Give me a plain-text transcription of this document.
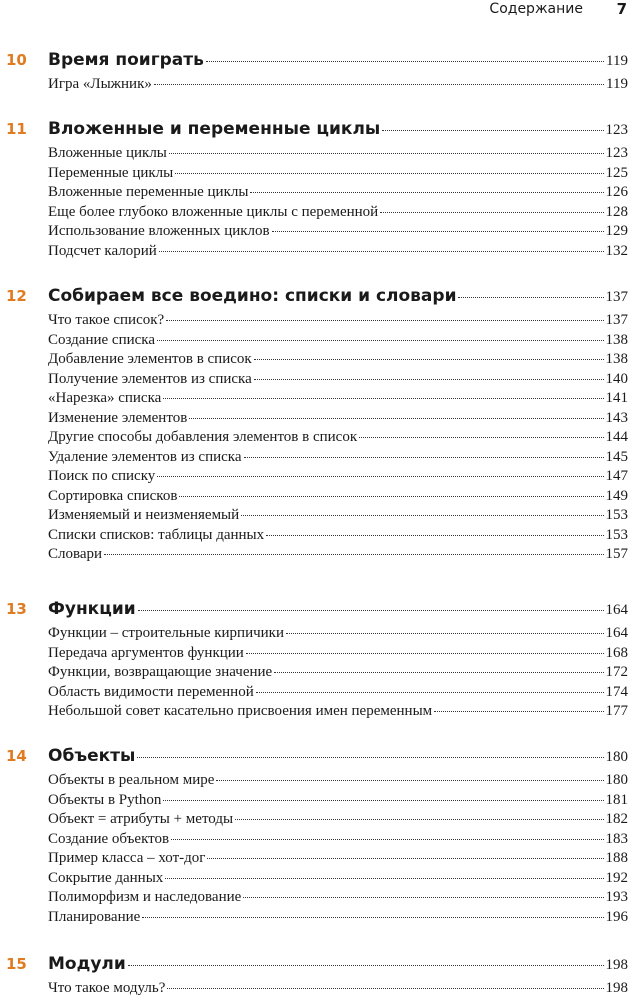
Содержание 7
10 Время поиграть	119
Игра «Лыжник»	119
11 Вложенные и переменные циклы	123
Вложенные циклы	123
Переменные циклы	125
Вложенные переменные циклы	126
Еще более глубоко вложенные циклы с переменной	128
Использование вложенных циклов	129
Подсчет калорий	132
12 Собираем все воедино: списки и словари	137
Что такое список?	137
Создание списка	138
Добавление элементов в список	138
Получение элементов из списка	140
«Нарезка» списка	141
Изменение элементов	143
Другие способы добавления элементов в список	144
Удаление элементов из списка	145
Поиск по списку	147
Сортировка списков	149
Изменяемый и неизменяемый	153
Списки списков: таблицы данных	153
Словари	157
13 Функции	164
Функции – строительные кирпичики	164
Передача аргументов функции	168
Функции, возвращающие значение	172
Область видимости переменной	174
Небольшой совет касательно присвоения имен переменным	177
14 Объекты	180
Объекты в реальном мире	180
Объекты в Python	181
Объект = атрибуты + методы	182
Создание объектов	183
Пример класса – хот-дог	188
Сокрытие данных	192
Полиморфизм и наследование	193
Планирование	196
15 Модули	198
Что такое модуль?	198
